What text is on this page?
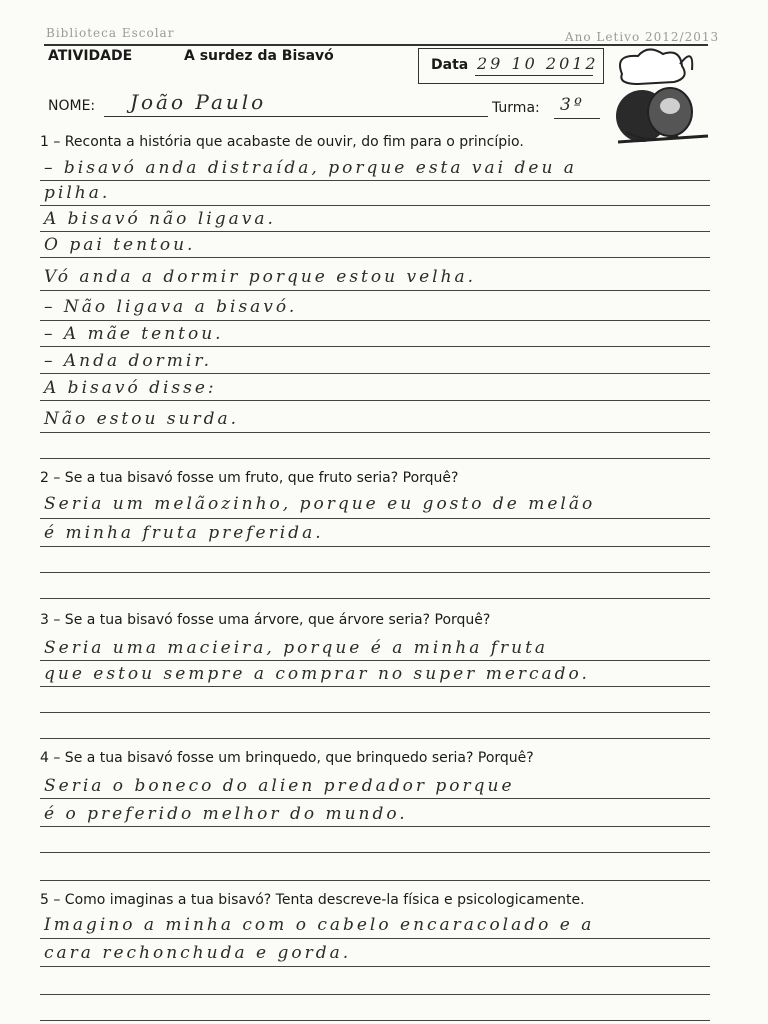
Biblioteca Escolar	Ano Letivo 2012/2013
ATIVIDADE	A surdez da Bisavó
Data 29 10 2012
NOME: João Paulo	Turma: 3º
1 – Reconta a história que acabaste de ouvir, do fim para o princípio.
– bisavó anda distraída, porque esta vai deu a
pilha.
A bisavó não ligava.
O pai tentou.
Vó anda a dormir porque estou velha.
– Não ligava a bisavó.
– A mãe tentou.
– Anda dormir.
A bisavó disse:
Não estou surda.
2 – Se a tua bisavó fosse um fruto, que fruto seria? Porquê?
Seria um melãozinho, porque eu gosto de melão
é minha fruta preferida.
3 – Se a tua bisavó fosse uma árvore, que árvore seria? Porquê?
Seria uma macieira, porque é a minha fruta
que estou sempre a comprar no super mercado.
4 – Se a tua bisavó fosse um brinquedo, que brinquedo seria? Porquê?
Seria o boneco do alien predador porque
é o preferido melhor do mundo.
5 – Como imaginas a tua bisavó? Tenta descreve-la física e psicologicamente.
Imagino a minha com o cabelo encaracolado e a
cara rechonchuda e gorda.
